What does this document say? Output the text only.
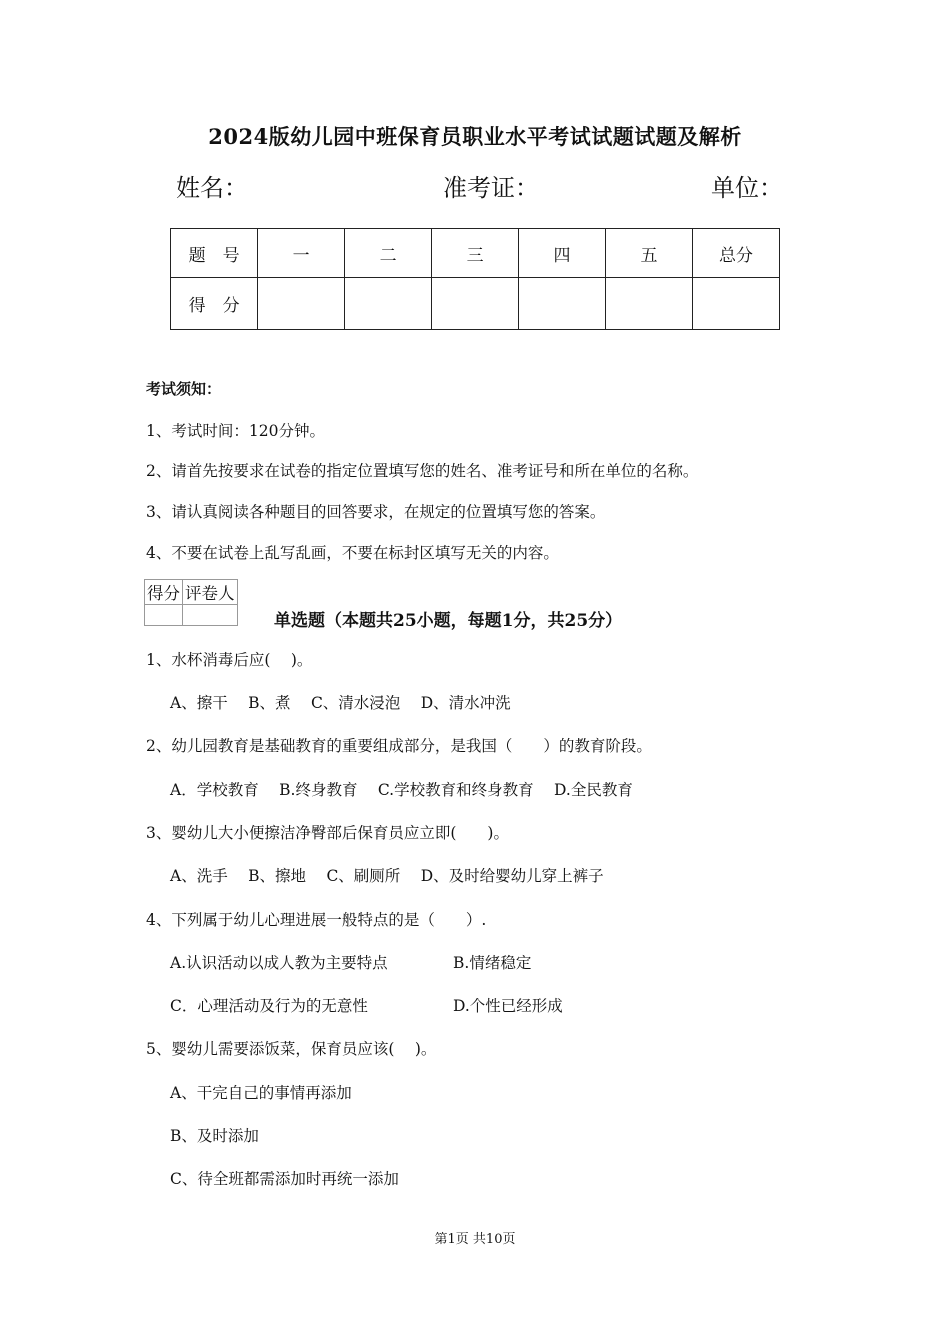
2024版幼儿园中班保育员职业水平考试试题试题及解析
姓名：	准考证：	单位：
题　号	一	二	三	四	五	总分
得　分						
考试须知：
1、考试时间：120分钟。
2、请首先按要求在试卷的指定位置填写您的姓名、准考证号和所在单位的名称。
3、请认真阅读各种题目的回答要求，在规定的位置填写您的答案。
4、不要在试卷上乱写乱画，不要在标封区填写无关的内容。
得分	评卷人

单选题（本题共25小题，每题1分，共25分）
1、水杯消毒后应(　 )。
A、擦干　 B、煮　 C、清水浸泡　 D、清水冲洗
2、幼儿园教育是基础教育的重要组成部分，是我国（　　）的教育阶段。
A．学校教育　 B.终身教育　 C.学校教育和终身教育　 D.全民教育
3、婴幼儿大小便擦洁净臀部后保育员应立即(　　)。
A、洗手　 B、擦地　 C、刷厕所　 D、及时给婴幼儿穿上裤子
4、下列属于幼儿心理进展一般特点的是（　　）.
A.认识活动以成人教为主要特点	B.情绪稳定
C．心理活动及行为的无意性	D.个性已经形成
5、婴幼儿需要添饭菜，保育员应该(　 )。
A、干完自己的事情再添加
B、及时添加
C、待全班都需添加时再统一添加
第1页 共10页
